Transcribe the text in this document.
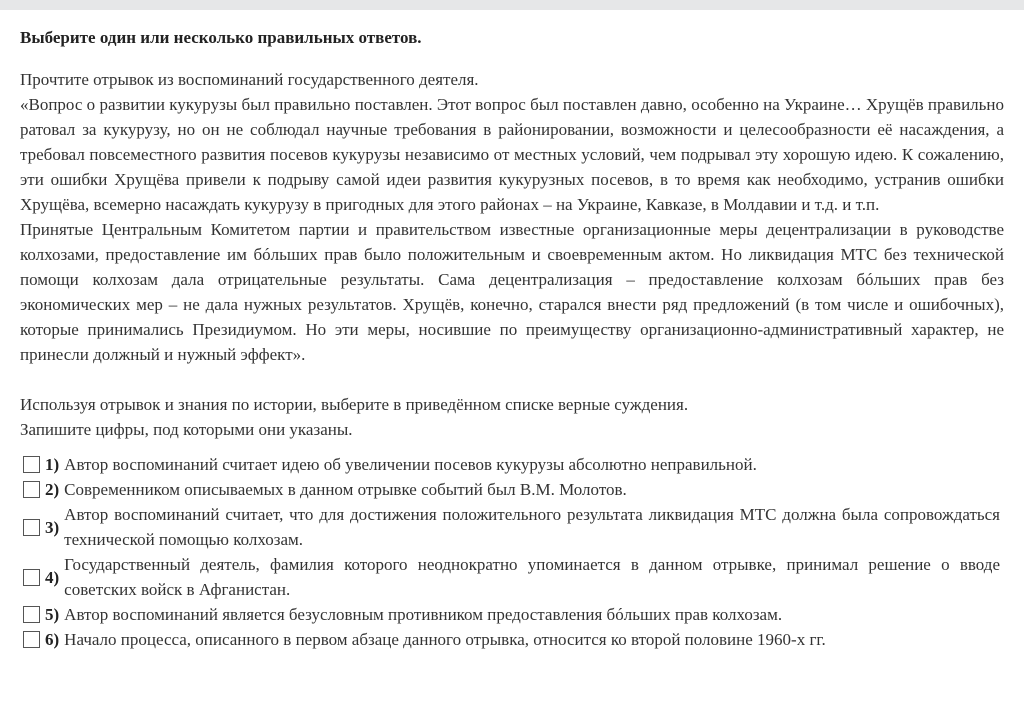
Выберите один или несколько правильных ответов.

Прочтите отрывок из воспоминаний государственного деятеля.

«Вопрос о развитии кукурузы был правильно поставлен. Этот вопрос был поставлен давно, особенно на Украине… Хрущёв правильно ратовал за кукурузу, но он не соблюдал научные требования в районировании, возможности и целесообразности её насаждения, а требовал повсеместного развития посевов кукурузы независимо от местных условий, чем подрывал эту хорошую идею. К сожалению, эти ошибки Хрущёва привели к подрыву самой идеи развития кукурузных посевов, в то время как необходимо, устранив ошибки Хрущёва, всемерно насаждать кукурузу в пригодных для этого районах – на Украине, Кавказе, в Молдавии и т.д. и т.п.

Принятые Центральным Комитетом партии и правительством известные организационные меры децентрализации в руководстве колхозами, предоставление им бóльших прав было положительным и своевременным актом. Но ликвидация МТС без технической помощи колхозам дала отрицательные результаты. Сама децентрализация – предоставление колхозам бóльших прав без экономических мер – не дала нужных результатов. Хрущёв, конечно, старался внести ряд предложений (в том числе и ошибочных), которые принимались Президиумом. Но эти меры, носившие по преимуществу организационно-административный характер, не принесли должный и нужный эффект».

Используя отрывок и знания по истории, выберите в приведённом списке верные суждения.

Запишите цифры, под которыми они указаны.

1) Автор воспоминаний считает идею об увеличении посевов кукурузы абсолютно неправильной.
2) Современником описываемых в данном отрывке событий был В.М. Молотов.
3)
Автор воспоминаний считает, что для достижения положительного результата ликвидация МТС должна была сопровождаться технической помощью колхозам.
4)
Государственный деятель, фамилия которого неоднократно упоминается в данном отрывке, принимал решение о вводе советских войск в Афганистан.
5) Автор воспоминаний является безусловным противником предоставления бóльших прав колхозам.
6) Начало процесса, описанного в первом абзаце данного отрывка, относится ко второй половине 1960-х гг.
